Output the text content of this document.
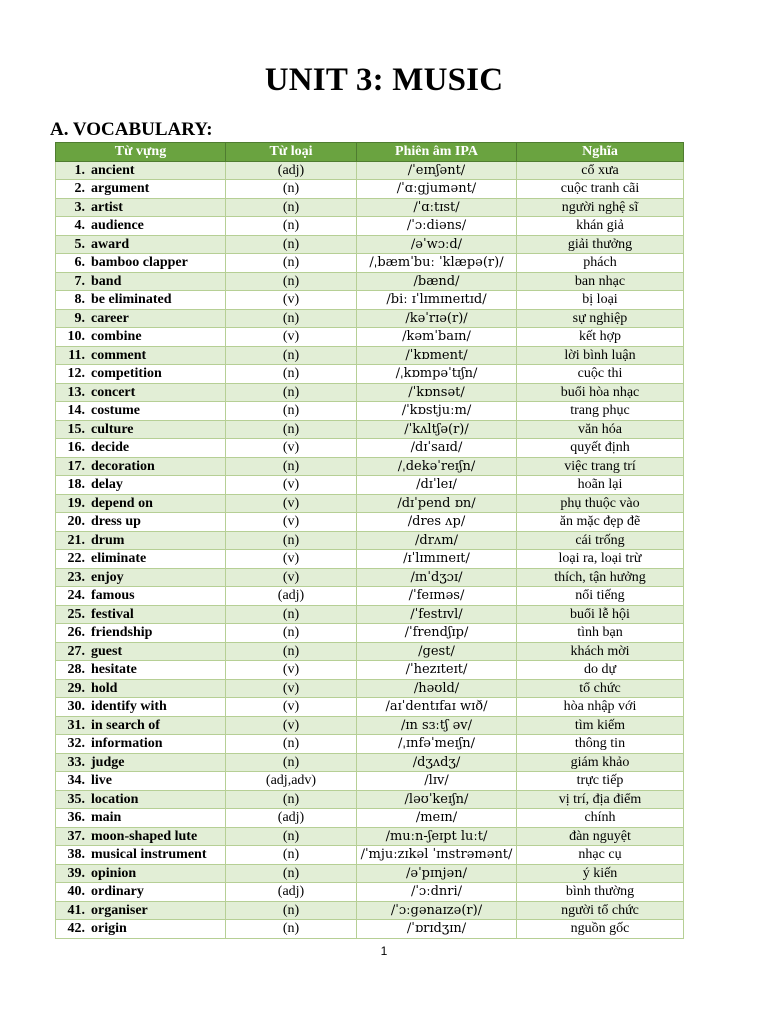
UNIT 3: MUSIC
A. VOCABULARY:
Từ vựng	Từ loại	Phiên âm IPA	Nghĩa
1. ancient	(adj)	/ˈeɪnʃənt/	cổ xưa
2. argument	(n)	/ˈɑːgjumənt/	cuộc tranh cãi
3. artist	(n)	/ˈɑːtɪst/	người nghệ sĩ
4. audience	(n)	/ˈɔːdiəns/	khán giả
5. award	(n)	/əˈwɔːd/	giải thưởng
6. bamboo clapper	(n)	/ˌbæmˈbuː ˈklæpə(r)/	phách
7. band	(n)	/bænd/	ban nhạc
8. be eliminated	(v)	/biː ɪˈlɪmɪneɪtɪd/	bị loại
9. career	(n)	/kəˈrɪə(r)/	sự nghiệp
10. combine	(v)	/kəmˈbaɪn/	kết hợp
11. comment	(n)	/ˈkɒment/	lời bình luận
12. competition	(n)	/ˌkɒmpəˈtɪʃn/	cuộc thi
13. concert	(n)	/ˈkɒnsət/	buổi hòa nhạc
14. costume	(n)	/ˈkɒstjuːm/	trang phục
15. culture	(n)	/ˈkʌltʃə(r)/	văn hóa
16. decide	(v)	/dɪˈsaɪd/	quyết định
17. decoration	(n)	/ˌdekəˈreɪʃn/	việc trang trí
18. delay	(v)	/dɪˈleɪ/	hoãn lại
19. depend on	(v)	/dɪˈpend ɒn/	phụ thuộc vào
20. dress up	(v)	/dres ʌp/	ăn mặc đẹp đẽ
21. drum	(n)	/drʌm/	cái trống
22. eliminate	(v)	/ɪˈlɪmɪneɪt/	loại ra, loại trừ
23. enjoy	(v)	/ɪnˈdʒɔɪ/	thích, tận hưởng
24. famous	(adj)	/ˈfeɪməs/	nổi tiếng
25. festival	(n)	/ˈfestɪvl/	buổi lễ hội
26. friendship	(n)	/ˈfrendʃɪp/	tình bạn
27. guest	(n)	/gest/	khách mời
28. hesitate	(v)	/ˈhezɪteɪt/	do dự
29. hold	(v)	/həʊld/	tổ chức
30. identify with	(v)	/aɪˈdentɪfaɪ wɪð/	hòa nhập với
31. in search of	(v)	/ɪn sɜːtʃ əv/	tìm kiếm
32. information	(n)	/ˌɪnfəˈmeɪʃn/	thông tin
33. judge	(n)	/dʒʌdʒ/	giám khảo
34. live	(adj,adv)	/lɪv/	trực tiếp
35. location	(n)	/ləʊˈkeɪʃn/	vị trí, địa điểm
36. main	(adj)	/meɪn/	chính
37. moon-shaped lute	(n)	/muːn-ʃeɪpt luːt/	đàn nguyệt
38. musical instrument	(n)	/ˈmjuːzɪkəl ˈɪnstrəmənt/	nhạc cụ
39. opinion	(n)	/əˈpɪnjən/	ý kiến
40. ordinary	(adj)	/ˈɔːdnri/	bình thường
41. organiser	(n)	/ˈɔːgənaɪzə(r)/	người tổ chức
42. origin	(n)	/ˈɒrɪdʒɪn/	nguồn gốc
1
